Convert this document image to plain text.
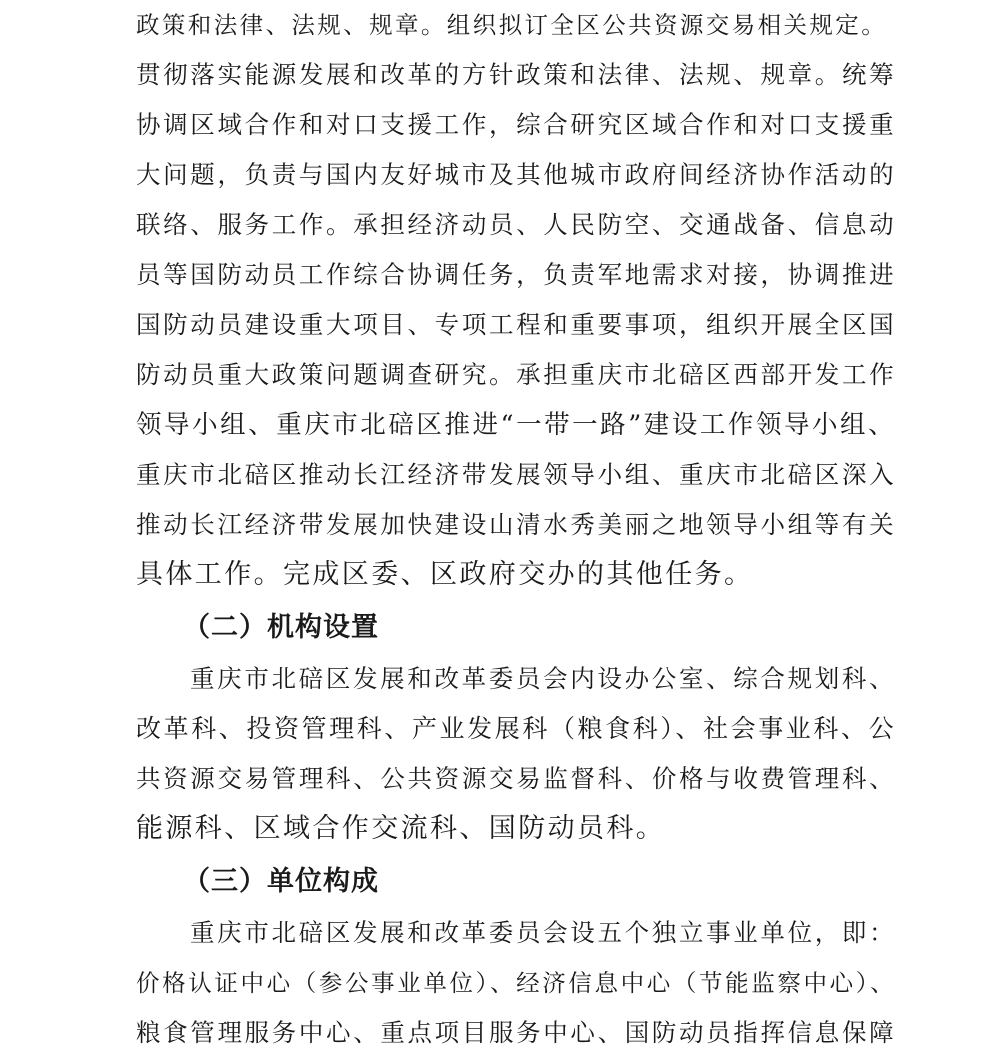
政策和法律、法规、规章。组织拟订全区公共资源交易相关规定。
贯彻落实能源发展和改革的方针政策和法律、法规、规章。统筹
协调区域合作和对口支援工作，综合研究区域合作和对口支援重
大问题，负责与国内友好城市及其他城市政府间经济协作活动的
联络、服务工作。承担经济动员、人民防空、交通战备、信息动
员等国防动员工作综合协调任务，负责军地需求对接，协调推进
国防动员建设重大项目、专项工程和重要事项，组织开展全区国
防动员重大政策问题调查研究。承担重庆市北碚区西部开发工作
领导小组、重庆市北碚区推进“一带一路”建设工作领导小组、
重庆市北碚区推动长江经济带发展领导小组、重庆市北碚区深入
推动长江经济带发展加快建设山清水秀美丽之地领导小组等有关
具体工作。完成区委、区政府交办的其他任务。
（二）机构设置
重庆市北碚区发展和改革委员会内设办公室、综合规划科、
改革科、投资管理科、产业发展科（粮食科）、社会事业科、公
共资源交易管理科、公共资源交易监督科、价格与收费管理科、
能源科、区域合作交流科、国防动员科。
（三）单位构成
重庆市北碚区发展和改革委员会设五个独立事业单位，即：
价格认证中心（参公事业单位）、经济信息中心（节能监察中心）、
粮食管理服务中心、重点项目服务中心、国防动员指挥信息保障
